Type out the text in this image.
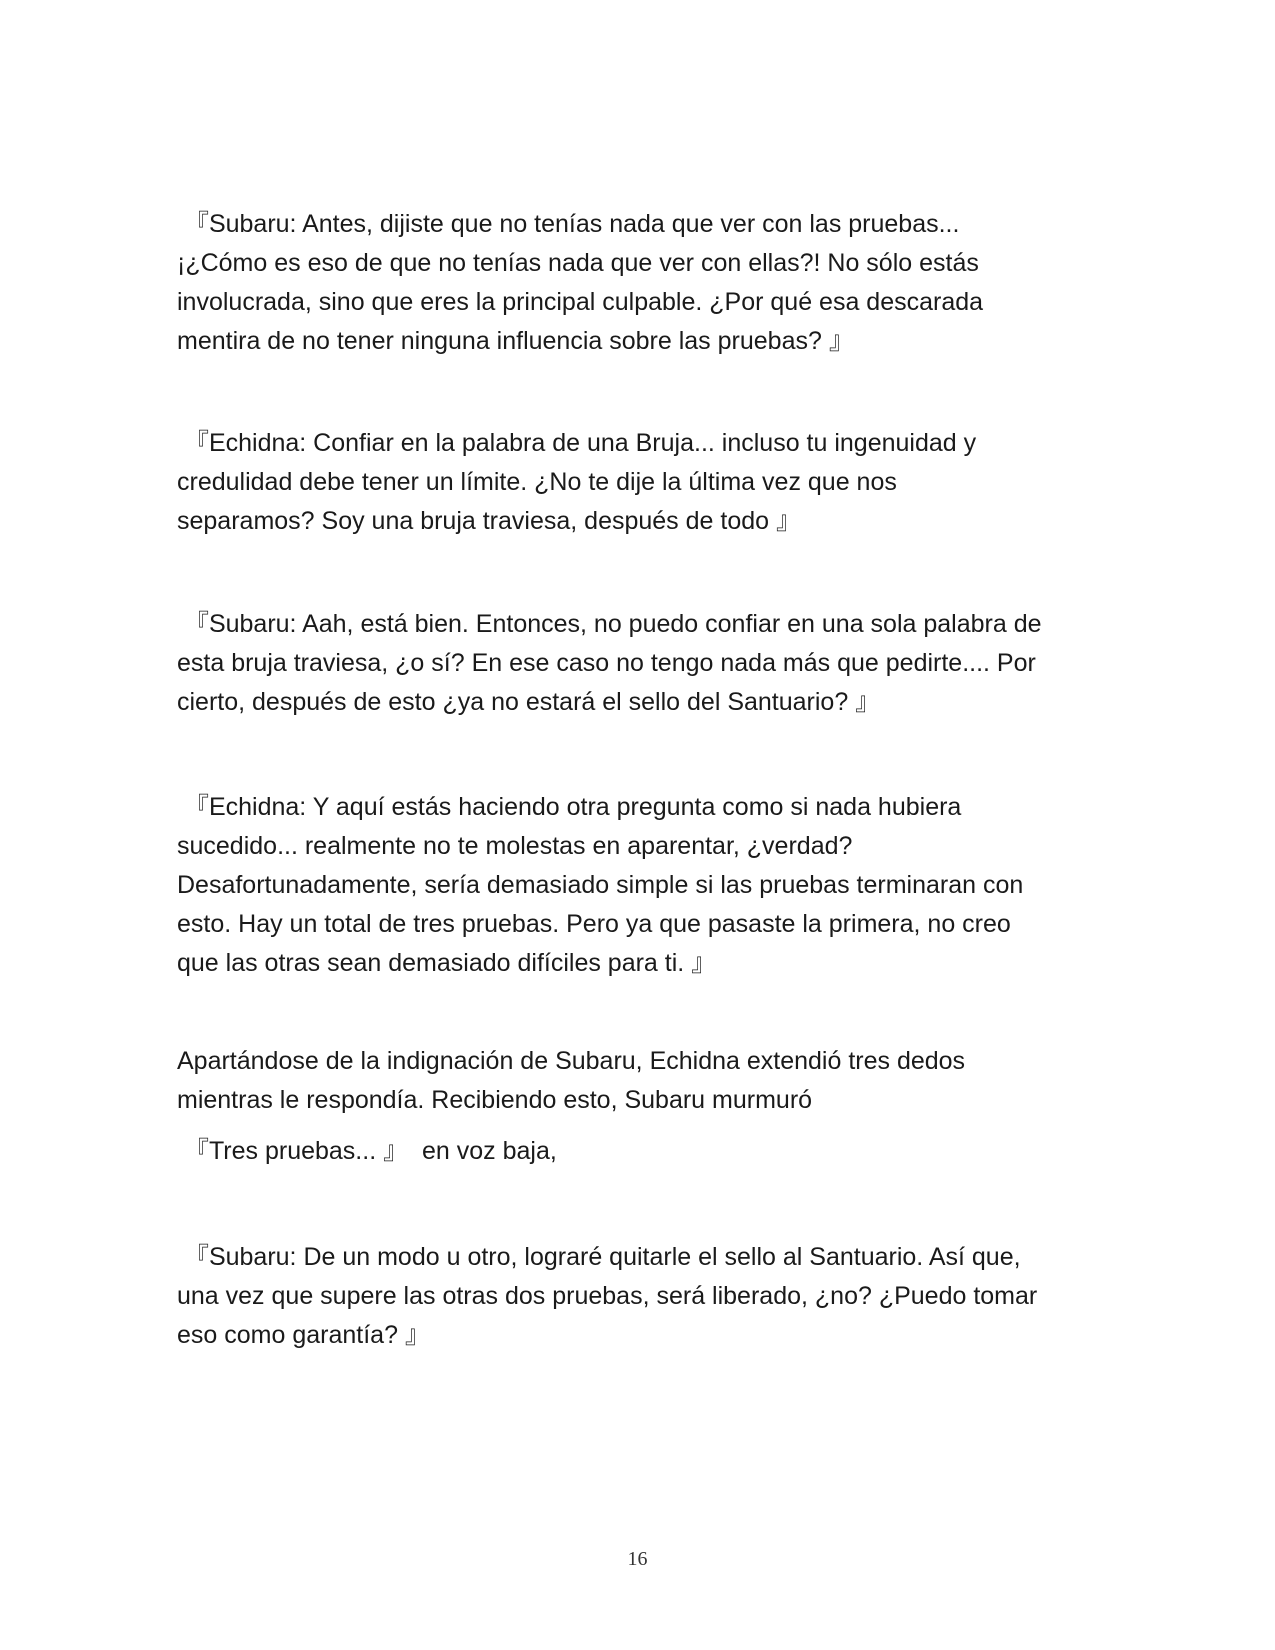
『Subaru: Antes, dijiste que no tenías nada que ver con las pruebas...
¡¿Cómo es eso de que no tenías nada que ver con ellas?! No sólo estás
involucrada, sino que eres la principal culpable. ¿Por qué esa descarada
mentira de no tener ninguna influencia sobre las pruebas? 』

『Echidna: Confiar en la palabra de una Bruja... incluso tu ingenuidad y
credulidad debe tener un límite. ¿No te dije la última vez que nos
separamos? Soy una bruja traviesa, después de todo 』

『Subaru: Aah, está bien. Entonces, no puedo confiar en una sola palabra de
esta bruja traviesa, ¿o sí? En ese caso no tengo nada más que pedirte.... Por
cierto, después de esto ¿ya no estará el sello del Santuario? 』

『Echidna: Y aquí estás haciendo otra pregunta como si nada hubiera
sucedido... realmente no te molestas en aparentar, ¿verdad?
Desafortunadamente, sería demasiado simple si las pruebas terminaran con
esto. Hay un total de tres pruebas. Pero ya que pasaste la primera, no creo
que las otras sean demasiado difíciles para ti. 』

Apartándose de la indignación de Subaru, Echidna extendió tres dedos
mientras le respondía. Recibiendo esto, Subaru murmuró

『Tres pruebas... 』  en voz baja,

『Subaru: De un modo u otro, lograré quitarle el sello al Santuario. Así que,
una vez que supere las otras dos pruebas, será liberado, ¿no? ¿Puedo tomar
eso como garantía? 』

16
